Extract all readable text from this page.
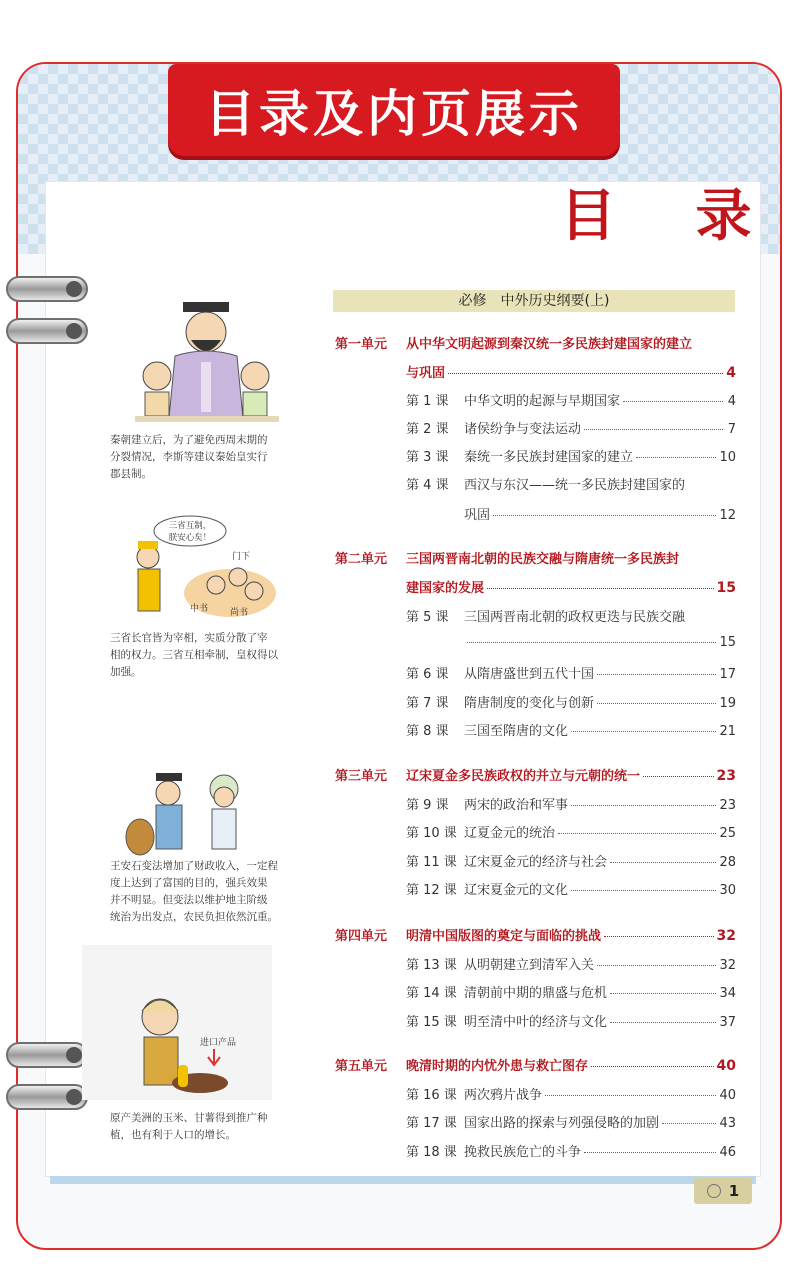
目录及内页展示
目 录
必修　中外历史纲要(上)
第一单元 从中华文明起源到秦汉统一多民族封建国家的建立
与巩固	4
第 1 课	中华文明的起源与早期国家	4
第 2 课	诸侯纷争与变法运动	7
第 3 课	秦统一多民族封建国家的建立	10
第 4 课	西汉与东汉——统一多民族封建国家的
巩固	12
第二单元 三国两晋南北朝的民族交融与隋唐统一多民族封
建国家的发展	15
第 5 课	三国两晋南北朝的政权更迭与民族交融
15
第 6 课	从隋唐盛世到五代十国	17
第 7 课	隋唐制度的变化与创新	19
第 8 课	三国至隋唐的文化	21
第三单元 辽宋夏金多民族政权的并立与元朝的统一	23
第 9 课	两宋的政治和军事	23
第 10 课 辽夏金元的统治	25
第 11 课 辽宋夏金元的经济与社会	28
第 12 课 辽宋夏金元的文化	30
第四单元 明清中国版图的奠定与面临的挑战	32
第 13 课 从明朝建立到清军入关	32
第 14 课 清朝前中期的鼎盛与危机	34
第 15 课 明至清中叶的经济与文化	37
第五单元 晚清时期的内忧外患与救亡图存	40
第 16 课 两次鸦片战争	40
第 17 课 国家出路的探索与列强侵略的加剧	43
第 18 课 挽救民族危亡的斗争	46
秦朝建立后，为了避免西周末期的
分裂情况，李斯等建议秦始皇实行
郡县制。
三省互制，
朕安心矣！
门下
中书 尚书
三省长官皆为宰相，实质分散了宰
相的权力。三省互相牵制，皇权得以
加强。
王安石变法增加了财政收入，一定程
度上达到了富国的目的，强兵效果
并不明显。但变法以维护地主阶级
统治为出发点，农民负担依然沉重。
进口产品
原产美洲的玉米、甘薯得到推广种
植，也有利于人口的增长。
1
